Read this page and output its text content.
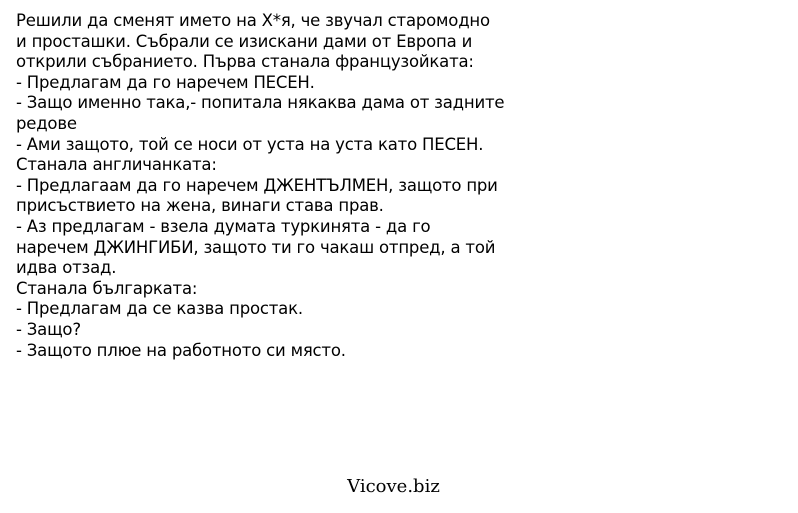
Решили да сменят името на Х*я, че звучал старомодно
и просташки. Събрали се изискани дами от Европа и
открили събранието. Първа станала французойката:
- Предлагам да го наречем ПЕСЕН.
- Защо именно така,- попитала някаква дама от задните
редове
- Ами защото, той се носи от уста на уста като ПЕСЕН.
Станала англичанката:
- Предлагаам да го наречем ДЖЕНТЪЛМЕН, защото при
присъствието на жена, винаги става прав.
- Аз предлагам - взела думата туркинята - да го
наречем ДЖИНГИБИ, защото ти го чакаш отпред, а той
идва отзад.
Станала българката:
- Предлагам да се казва простак.
- Защо?
- Защото плюе на работното си място.
Vicove.biz
